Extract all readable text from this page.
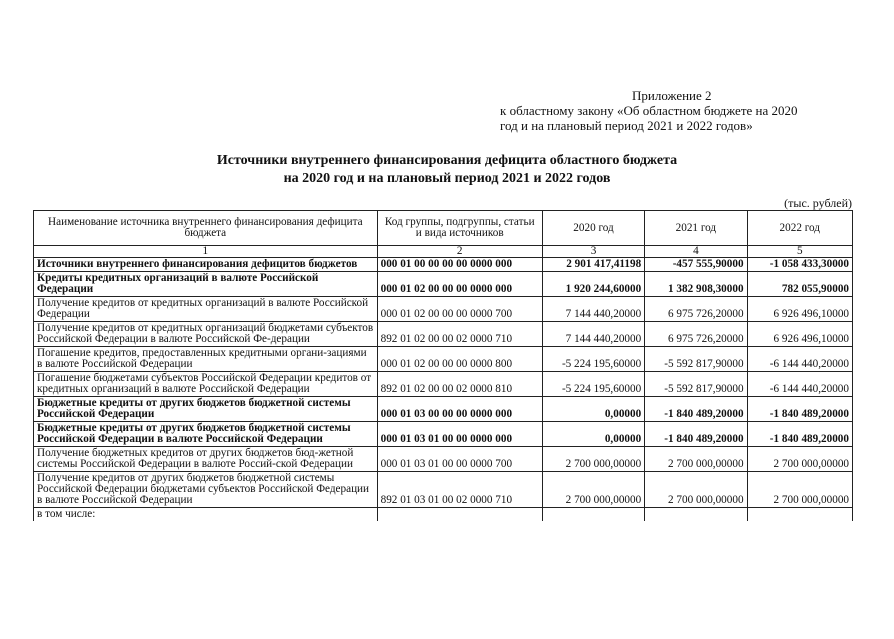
Приложение 2
к областному закону «Об областном бюджете на 2020
год и на плановый период 2021 и 2022 годов»
Источники внутреннего финансирования дефицита областного бюджета
на 2020 год и на плановый период 2021 и 2022 годов
(тыс. рублей)
Наименование источника внутреннего финансирования дефицита бюджета	Код группы, подгруппы, статьи и вида источников	2020 год	2021 год	2022 год
1	2	3	4	5
Источники внутреннего финансирования дефицитов бюджетов	000 01 00 00 00 00 0000 000	2 901 417,41198	-457 555,90000	-1 058 433,30000
Кредиты кредитных организаций в валюте Российской Федерации	000 01 02 00 00 00 0000 000	1 920 244,60000	1 382 908,30000	782 055,90000
Получение кредитов от кредитных организаций в валюте Российской Федерации	000 01 02 00 00 00 0000 700	7 144 440,20000	6 975 726,20000	6 926 496,10000
Получение кредитов от кредитных организаций бюджетами субъектов Российской Федерации в валюте Российской Фе-дерации	892 01 02 00 00 02 0000 710	7 144 440,20000	6 975 726,20000	6 926 496,10000
Погашение кредитов, предоставленных кредитными органи-зациями в валюте Российской Федерации	000 01 02 00 00 00 0000 800	-5 224 195,60000	-5 592 817,90000	-6 144 440,20000
Погашение бюджетами субъектов Российской Федерации кредитов от кредитных организаций в валюте Российской Федерации	892 01 02 00 00 02 0000 810	-5 224 195,60000	-5 592 817,90000	-6 144 440,20000
Бюджетные кредиты от других бюджетов бюджетной системы Российской Федерации	000 01 03 00 00 00 0000 000	0,00000	-1 840 489,20000	-1 840 489,20000
Бюджетные кредиты от других бюджетов бюджетной системы Российской Федерации в валюте Российской Федерации	000 01 03 01 00 00 0000 000	0,00000	-1 840 489,20000	-1 840 489,20000
Получение бюджетных кредитов от других бюджетов бюд-жетной системы Российской Федерации в валюте Россий-ской Федерации	000 01 03 01 00 00 0000 700	2 700 000,00000	2 700 000,00000	2 700 000,00000
Получение кредитов от других бюджетов бюджетной системы Российской Федерации бюджетами субъектов Российской Федерации в валюте Российской Федерации	892 01 03 01 00 02 0000 710	2 700 000,00000	2 700 000,00000	2 700 000,00000
в том числе:				
